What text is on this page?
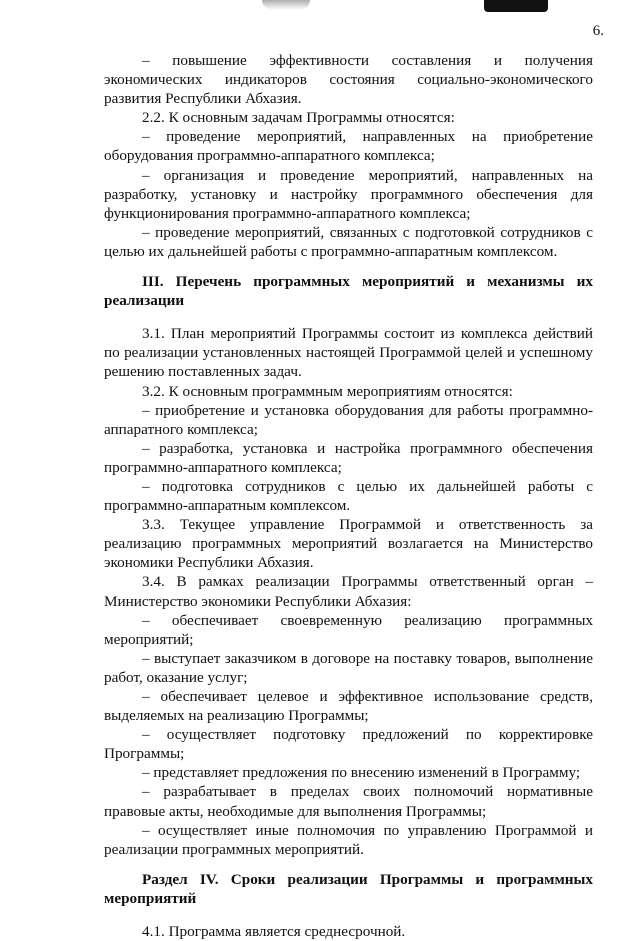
6.

– повышение эффективности составления и получения экономических индикаторов состояния социально-экономического развития Республики Абхазия.

2.2. К основным задачам Программы относятся:

– проведение мероприятий, направленных на приобретение оборудования программно-аппаратного комплекса;

– организация и проведение мероприятий, направленных на разработку, установку и настройку программного обеспечения для функционирования программно-аппаратного комплекса;

– проведение мероприятий, связанных с подготовкой сотрудников с целью их дальнейшей работы с программно-аппаратным комплексом.

III. Перечень программных мероприятий и механизмы их реализации

3.1. План мероприятий Программы состоит из комплекса действий по реализации установленных настоящей Программой целей и успешному решению поставленных задач.

3.2. К основным программным мероприятиям относятся:

– приобретение и установка оборудования для работы программно-аппаратного комплекса;

– разработка, установка и настройка программного обеспечения программно-аппаратного комплекса;

– подготовка сотрудников с целью их дальнейшей работы с программно-аппаратным комплексом.

3.3. Текущее управление Программой и ответственность за реализацию программных мероприятий возлагается на Министерство экономики Республики Абхазия.

3.4. В рамках реализации Программы ответственный орган – Министерство экономики Республики Абхазия:

– обеспечивает своевременную реализацию программных мероприятий;

– выступает заказчиком в договоре на поставку товаров, выполнение работ, оказание услуг;

– обеспечивает целевое и эффективное использование средств, выделяемых на реализацию Программы;

– осуществляет подготовку предложений по корректировке Программы;

– представляет предложения по внесению изменений в Программу;

– разрабатывает в пределах своих полномочий нормативные правовые акты, необходимые для выполнения Программы;

– осуществляет иные полномочия по управлению Программой и реализации программных мероприятий.

Раздел IV. Сроки реализации Программы и программных мероприятий

4.1. Программа является среднесрочной.
